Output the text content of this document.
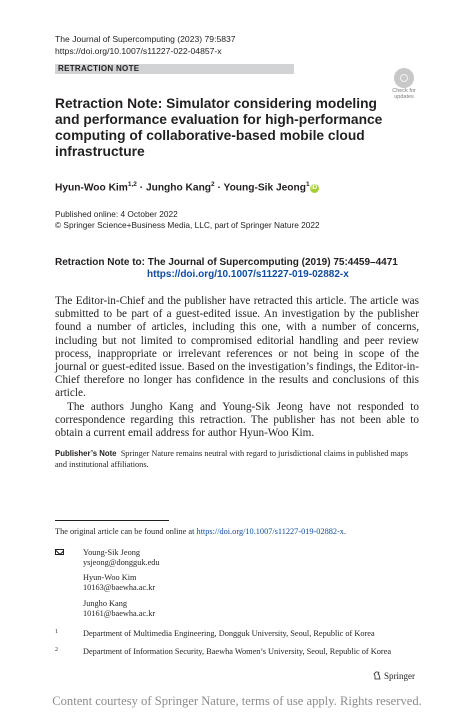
The Journal of Supercomputing (2023) 79:5837
https://doi.org/10.1007/s11227-022-04857-x
RETRACTION NOTE
Check for
updates
Retraction Note: Simulator considering modeling and performance evaluation for high-performance computing of collaborative-based mobile cloud infrastructure
Hyun-Woo Kim$^{1,2}$ · Jungho Kang$^2$ · Young-Sik Jeong$^1$iD
Published online: 4 October 2022
© Springer Science+Business Media, LLC, part of Springer Nature 2022
Retraction Note to: The Journal of Supercomputing (2019) 75:4459–4471
https://doi.org/10.1007/s11227-019-02882-x

The Editor-in-Chief and the publisher have retracted this article. The article was submitted to be part of a guest-edited issue. An investigation by the publisher found a number of articles, including this one, with a number of concerns, including but not limited to compromised editorial handling and peer review process, inappropriate or irrelevant references or not being in scope of the journal or guest-edited issue. Based on the investigation’s findings, the Editor-in-Chief therefore no longer has confidence in the results and conclusions of this article.

The authors Jungho Kang and Young-Sik Jeong have not responded to correspondence regarding this retraction. The publisher has not been able to obtain a current email address for author Hyun-Woo Kim.

Publisher’s Note Springer Nature remains neutral with regard to jurisdictional claims in published maps and institutional affiliations.
The original article can be found online at https://doi.org/10.1007/s11227-019-02882-x.
Young-Sik Jeong
ysjeong@dongguk.edu
Hyun-Woo Kim
10163@baewha.ac.kr
Jungho Kang
10161@baewha.ac.kr
1	Department of Multimedia Engineering, Dongguk University, Seoul, Republic of Korea
2	Department of Information Security, Baewha Women’s University, Seoul, Republic of Korea
Springer
Content courtesy of Springer Nature, terms of use apply. Rights reserved.
